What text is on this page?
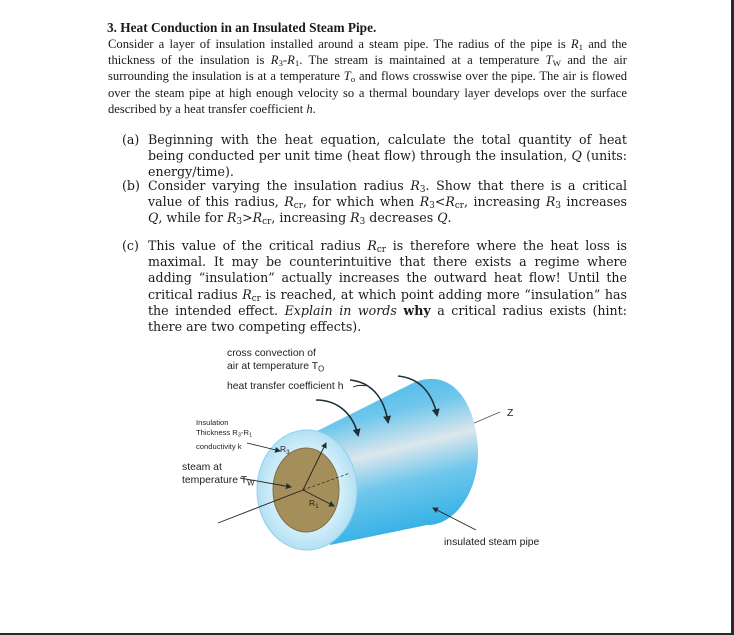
3. Heat Conduction in an Insulated Steam Pipe.

Consider a layer of insulation installed around a steam pipe. The radius of the pipe is $R_1$ and the thickness of the insulation is $R_3-R_1$. The stream is maintained at a temperature $T_W$ and the air surrounding the insulation is at a temperature $T_o$ and flows crosswise over the pipe. The air is flowed over the steam pipe at high enough velocity so a thermal boundary layer develops over the surface described by a heat transfer coefficient h.

(a) Beginning with the heat equation, calculate the total quantity of heat being conducted per unit time (heat flow) through the insulation, Q (units: energy/time).
(b) Consider varying the insulation radius $R_3$. Show that there is a critical value of this radius, $R_{cr}$, for which when $R_3<R_{cr}$, increasing $R_3$ increases Q, while for $R_3>R_{cr}$, increasing $R_3$ decreases Q.
(c) This value of the critical radius $R_{cr}$ is therefore where the heat loss is maximal. It may be counterintuitive that there exists a regime where adding “insulation” actually increases the outward heat flow! Until the critical radius $R_{cr}$ is reached, at which point adding more “insulation” has the intended effect. Explain in words why a critical radius exists (hint: there are two competing effects).
cross convection of
air at temperature $T_O$
heat transfer coefficient h
Insulation
Thickness $R_3-R_1$
conductivity k
steam at
temperature $T_W$
Z
$R_3$
$R_1$
insulated steam pipe
